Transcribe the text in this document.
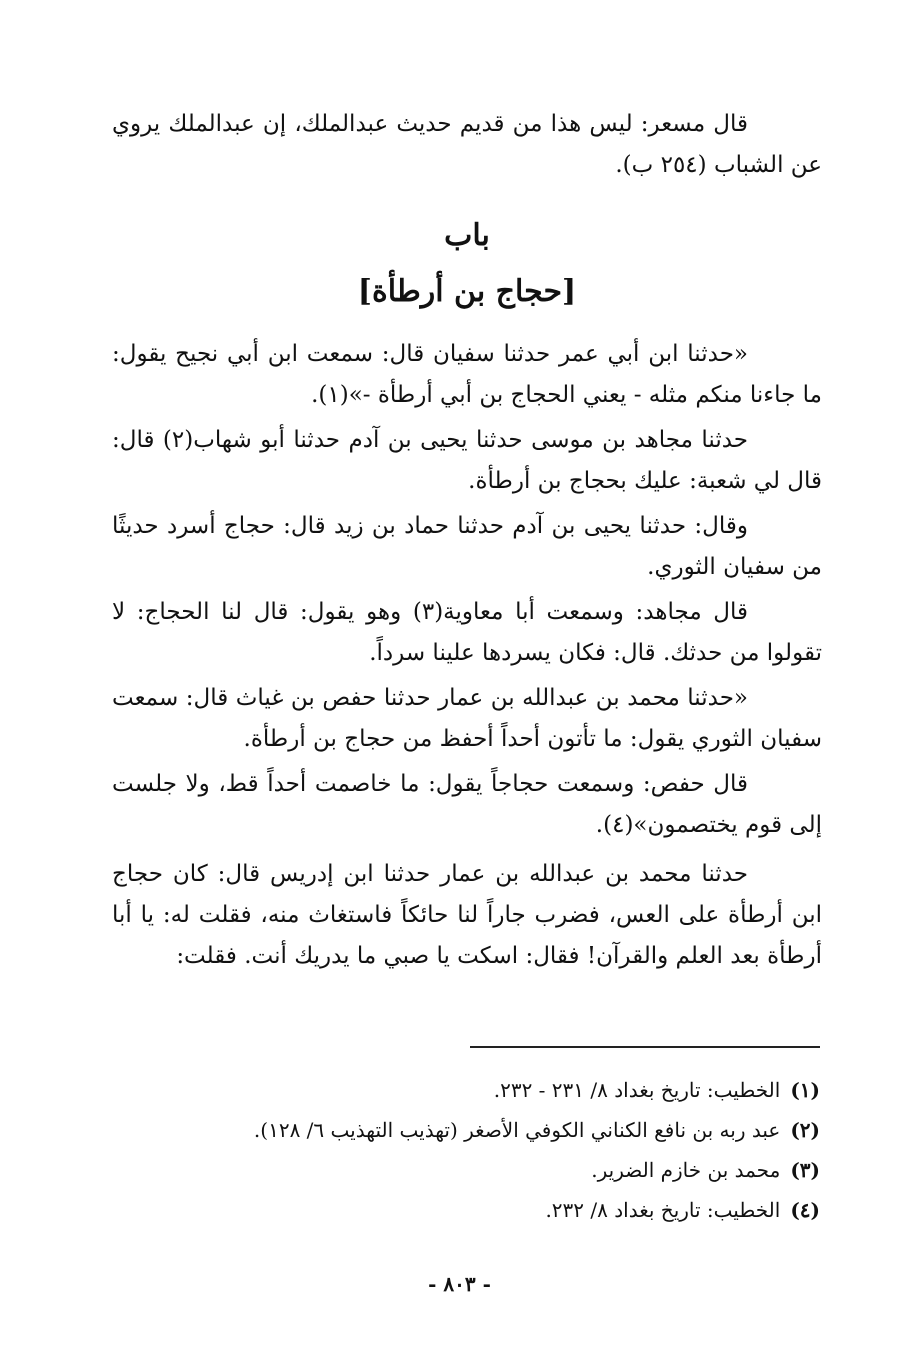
قال مسعر: ليس هذا من قديم حديث عبدالملك، إن عبدالملك يروي عن الشباب (٢٥٤ ب).

باب

[حجاج بن أرطأة]

«حدثنا ابن أبي عمر حدثنا سفيان قال: سمعت ابن أبي نجيح يقول: ما جاءنا منكم مثله - يعني الحجاج بن أبي أرطأة -»(١).

حدثنا مجاهد بن موسى حدثنا يحيى بن آدم حدثنا أبو شهاب(٢) قال: قال لي شعبة: عليك بحجاج بن أرطأة.

وقال: حدثنا يحيى بن آدم حدثنا حماد بن زيد قال: حجاج أسرد حديثًا من سفيان الثوري.

قال مجاهد: وسمعت أبا معاوية(٣) وهو يقول: قال لنا الحجاج: لا تقولوا من حدثك. قال: فكان يسردها علينا سرداً.

«حدثنا محمد بن عبدالله بن عمار حدثنا حفص بن غياث قال: سمعت سفيان الثوري يقول: ما تأتون أحداً أحفظ من حجاج بن أرطأة.

قال حفص: وسمعت حجاجاً يقول: ما خاصمت أحداً قط، ولا جلست إلى قوم يختصمون»(٤).

حدثنا محمد بن عبدالله بن عمار حدثنا ابن إدريس قال: كان حجاج ابن أرطأة على العس، فضرب جاراً لنا حائكاً فاستغاث منه، فقلت له: يا أبا أرطأة بعد العلم والقرآن! فقال: اسكت يا صبي ما يدريك أنت. فقلت:

(١)الخطيب: تاريخ بغداد ٨/ ٢٣١ - ٢٣٢.

(٢)عبد ربه بن نافع الكناني الكوفي الأصغر (تهذيب التهذيب ٦/ ١٢٨).

(٣)محمد بن خازم الضرير.

(٤)الخطيب: تاريخ بغداد ٨/ ٢٣٢.

- ٨٠٣ -
